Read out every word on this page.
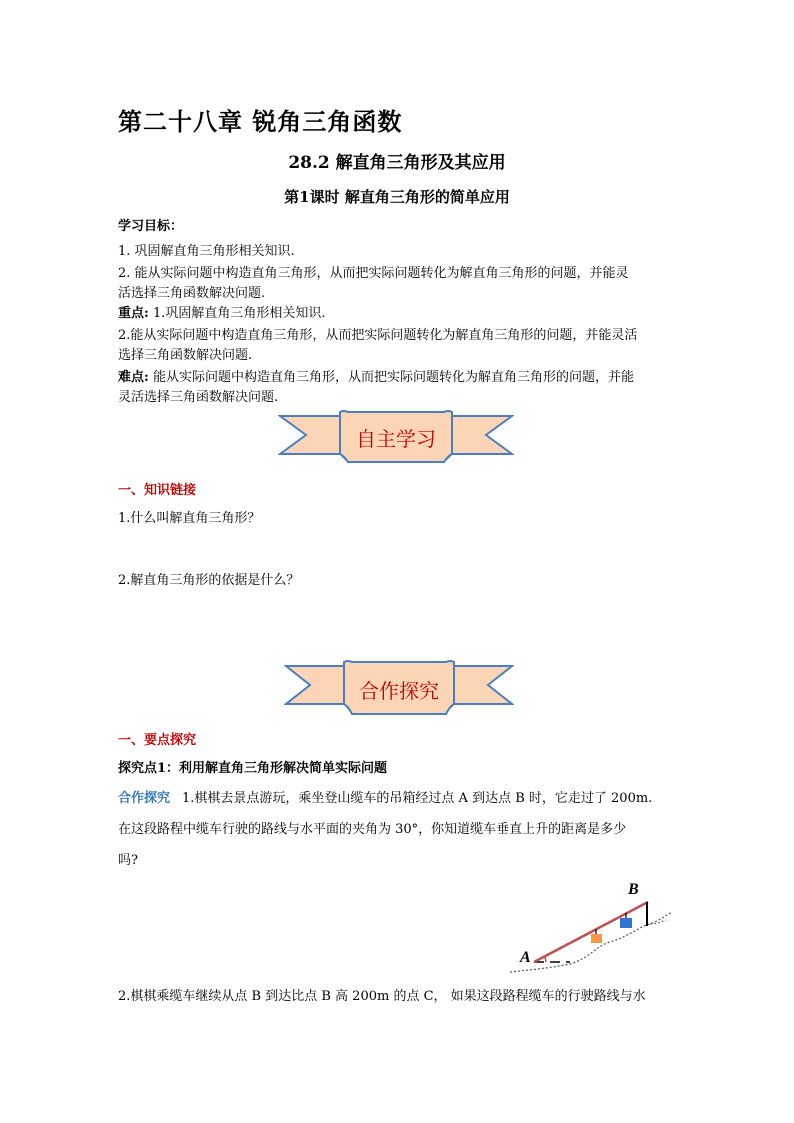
第二十八章 锐角三角函数
28.2 解直角三角形及其应用
第1课时 解直角三角形的简单应用
学习目标：
1. 巩固解直角三角形相关知识.
2. 能从实际问题中构造直角三角形，从而把实际问题转化为解直角三角形的问题，并能灵
活选择三角函数解决问题.
重点: 1.巩固解直角三角形相关知识.
2.能从实际问题中构造直角三角形，从而把实际问题转化为解直角三角形的问题，并能灵活
选择三角函数解决问题.
难点: 能从实际问题中构造直角三角形，从而把实际问题转化为解直角三角形的问题，并能
灵活选择三角函数解决问题.
自主学习
一、知识链接
1.什么叫解直角三角形？
2.解直角三角形的依据是什么？
合作探究
一、要点探究
探究点1：利用解直角三角形解决简单实际问题
合作探究 1.棋棋去景点游玩，乘坐登山缆车的吊箱经过点 A 到达点 B 时，它走过了 200m.
在这段路程中缆车行驶的路线与水平面的夹角为 30°，你知道缆车垂直上升的距离是多少
吗?
A
B
2.棋棋乘缆车继续从点 B 到达比点 B 高 200m 的点 C， 如果这段路程缆车的行驶路线与水
